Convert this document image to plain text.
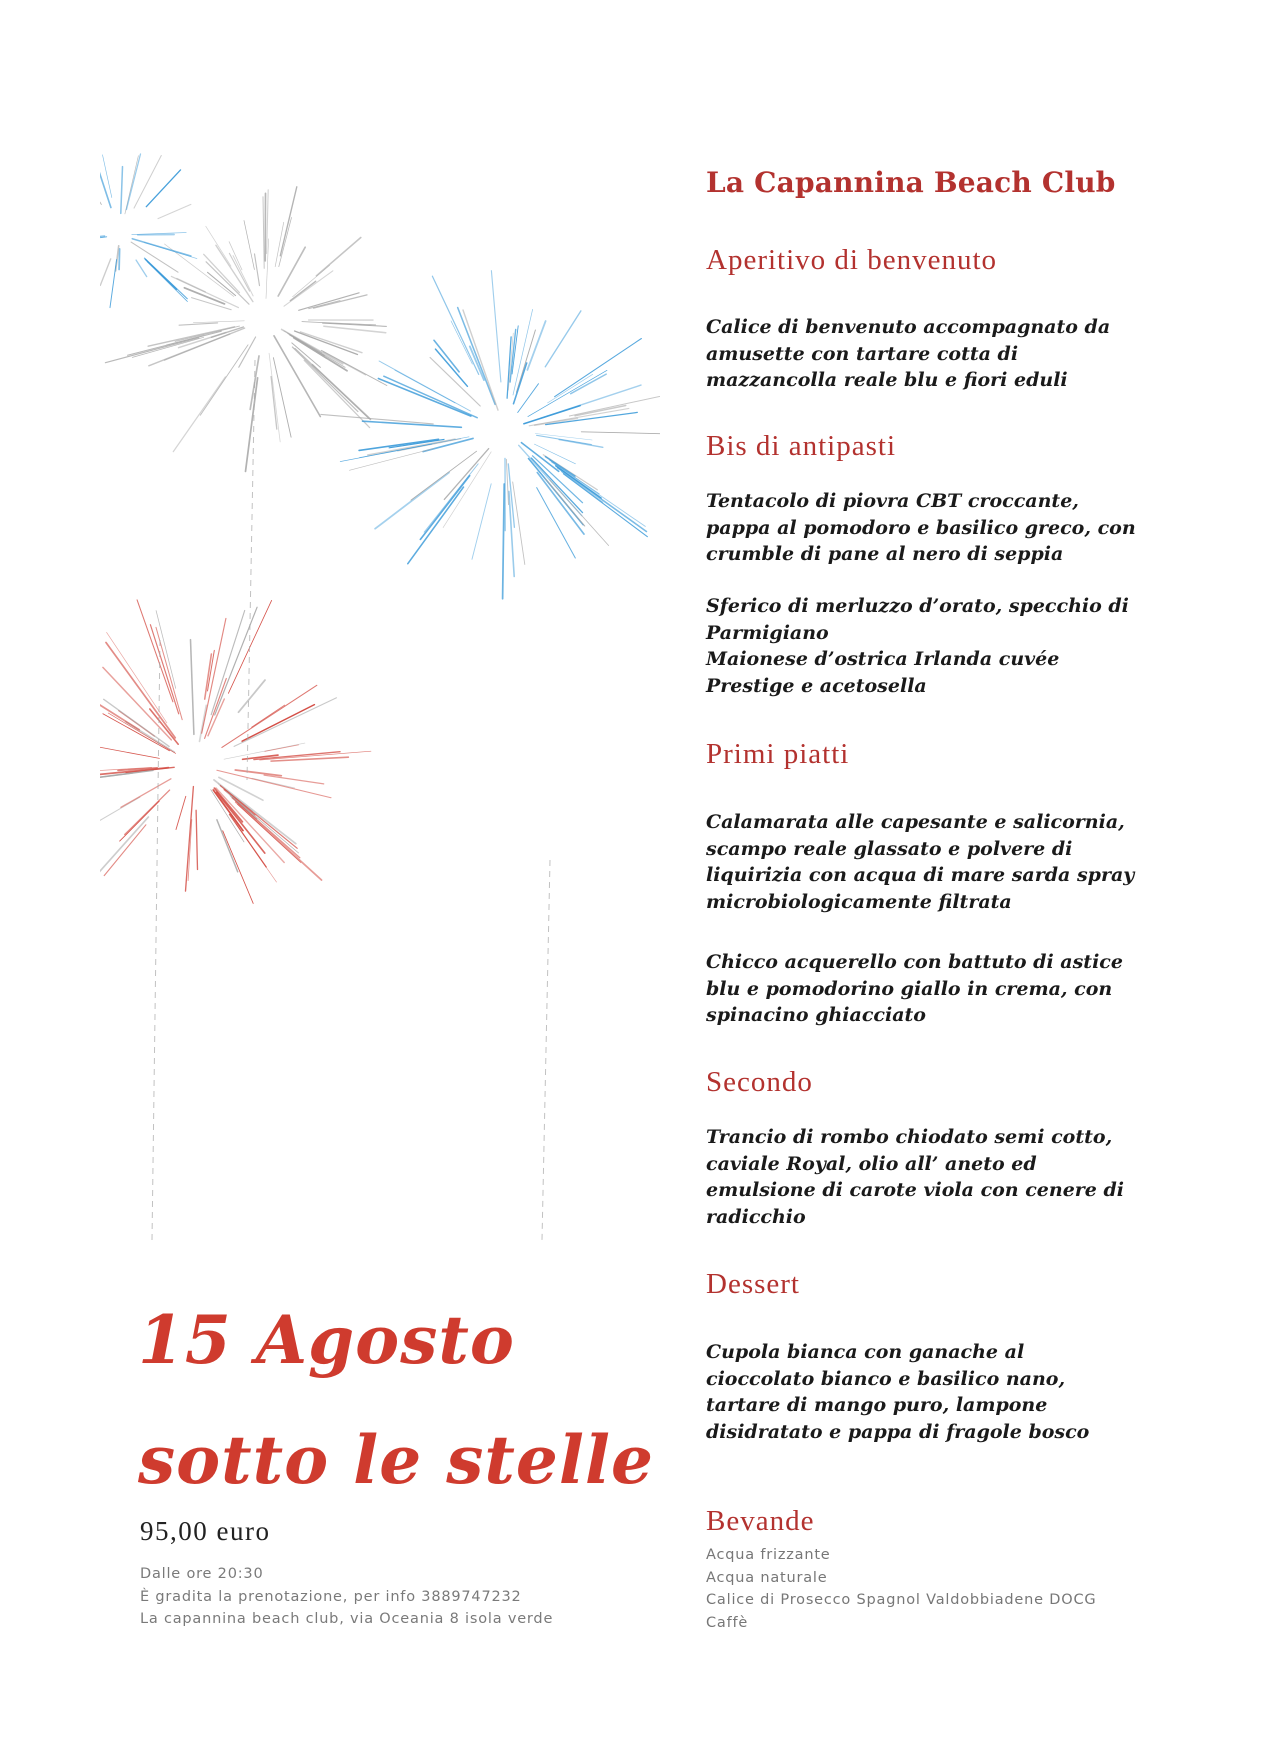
La Capannina Beach Club
Aperitivo di benvenuto
Calice di benvenuto accompagnato da
amusette con tartare cotta di
mazzancolla reale blu e fiori eduli
Bis di antipasti
Tentacolo di piovra CBT croccante,
pappa al pomodoro e basilico greco, con
crumble di pane al nero di seppia
Sferico di merluzzo d’orato, specchio di
Parmigiano
Maionese d’ostrica Irlanda cuvée
Prestige e acetosella
Primi piatti
Calamarata alle capesante e salicornia,
scampo reale glassato e polvere di
liquirizia con acqua di mare sarda spray
microbiologicamente filtrata
Chicco acquerello con battuto di astice
blu e pomodorino giallo in crema, con
spinacino ghiacciato
Secondo
Trancio di rombo chiodato semi cotto,
caviale Royal, olio all’ aneto ed
emulsione di carote viola con cenere di
radicchio
Dessert
Cupola bianca con ganache al
cioccolato bianco e basilico nano,
tartare di mango puro, lampone
disidratato e pappa di fragole bosco
Bevande
Acqua frizzante
Acqua naturale
Calice di Prosecco Spagnol Valdobbiadene DOCG
Caffè
15 Agosto
sotto le stelle
95,00 euro
Dalle ore 20:30
È gradita la prenotazione, per info 3889747232
La capannina beach club, via Oceania 8 isola verde
